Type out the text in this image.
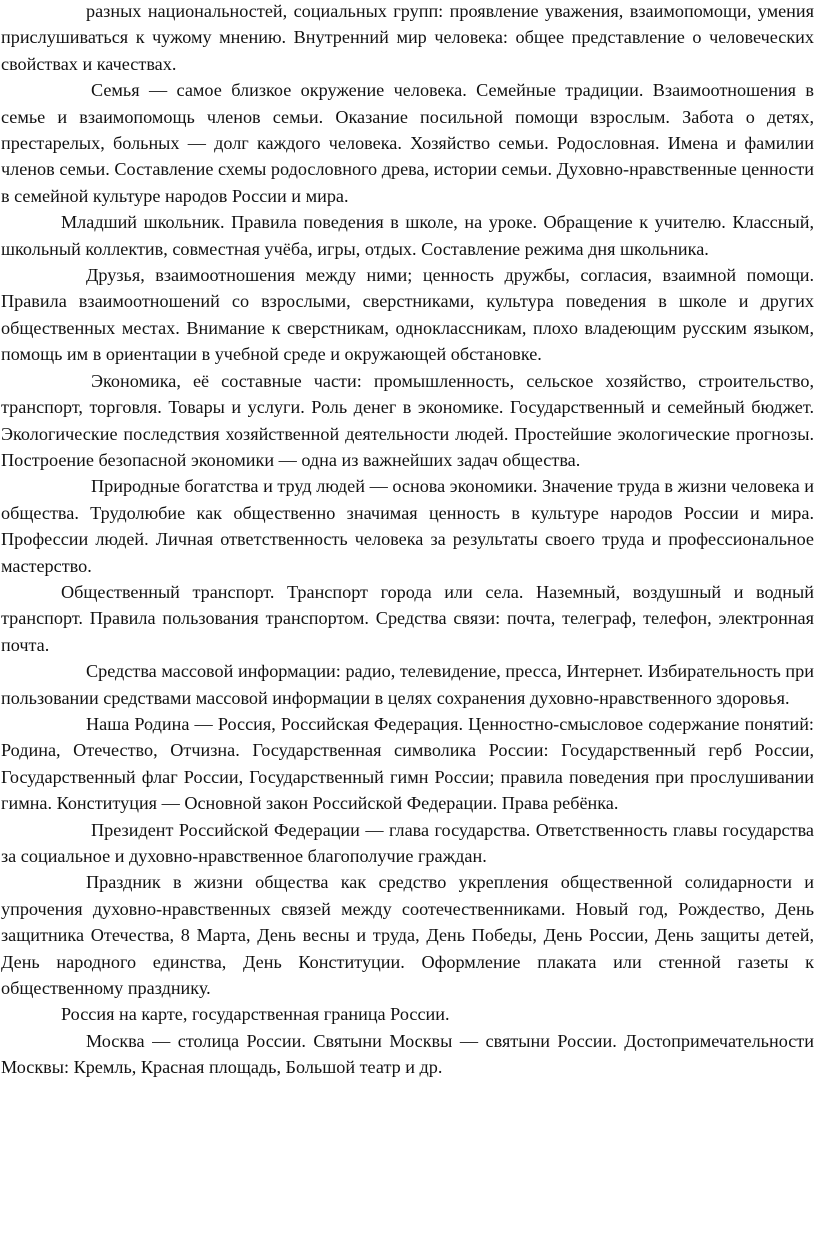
разных национальностей, социальных групп: проявление уважения, взаимопомощи, умения прислушиваться к чужому мнению. Внутренний мир человека: общее представление о человеческих свойствах и качествах.

Семья — самое близкое окружение человека. Семейные традиции. Взаимоотношения в семье и взаимопомощь членов семьи. Оказание посильной помощи взрослым. Забота о детях, престарелых, больных — долг каждого человека. Хозяйство семьи. Родословная. Имена и фамилии членов семьи. Составление схемы родословного древа, истории семьи. Духовно-нравственные ценности в семейной культуре народов России и мира.

Младший школьник. Правила поведения в школе, на уроке. Обращение к учителю. Классный, школьный коллектив, совместная учёба, игры, отдых. Составление режима дня школьника.

Друзья, взаимоотношения между ними; ценность дружбы, согласия, взаимной помощи. Правила взаимоотношений со взрослыми, сверстниками, культура поведения в школе и других общественных местах. Внимание к сверстникам, одноклассникам, плохо владеющим русским языком, помощь им в ориентации в учебной среде и окружающей обстановке.

Экономика, её составные части: промышленность, сельское хозяйство, строительство, транспорт, торговля. Товары и услуги. Роль денег в экономике. Государственный и семейный бюджет. Экологические последствия хозяйственной деятельности людей. Простейшие экологические прогнозы. Построение безопасной экономики — одна из важнейших задач общества.

Природные богатства и труд людей — основа экономики. Значение труда в жизни человека и общества. Трудолюбие как общественно значимая ценность в культуре народов России и мира. Профессии людей. Личная ответственность человека за результаты своего труда и профессиональное мастерство.

Общественный транспорт. Транспорт города или села. Наземный, воздушный и водный транспорт. Правила пользования транспортом. Средства связи: почта, телеграф, телефон, электронная почта.

Средства массовой информации: радио, телевидение, пресса, Интернет. Избирательность при пользовании средствами массовой информации в целях сохранения духовно-нравственного здоровья.

Наша Родина — Россия, Российская Федерация. Ценностно-смысловое содержание понятий: Родина, Отечество, Отчизна. Государственная символика России: Государственный герб России, Государственный флаг России, Государственный гимн России; правила поведения при прослушивании гимна. Конституция — Основной закон Российской Федерации. Права ребёнка.

Президент Российской Федерации — глава государства. Ответственность главы государства за социальное и духовно-нравственное благополучие граждан.

Праздник в жизни общества как средство укрепления общественной солидарности и упрочения духовно-нравственных связей между соотечественниками. Новый год, Рождество, День защитника Отечества, 8 Марта, День весны и труда, День Победы, День России, День защиты детей, День народного единства, День Конституции. Оформление плаката или стенной газеты к общественному празднику.

Россия на карте, государственная граница России.

Москва — столица России. Святыни Москвы — святыни России. Достопримечательности Москвы: Кремль, Красная площадь, Большой театр и др.
